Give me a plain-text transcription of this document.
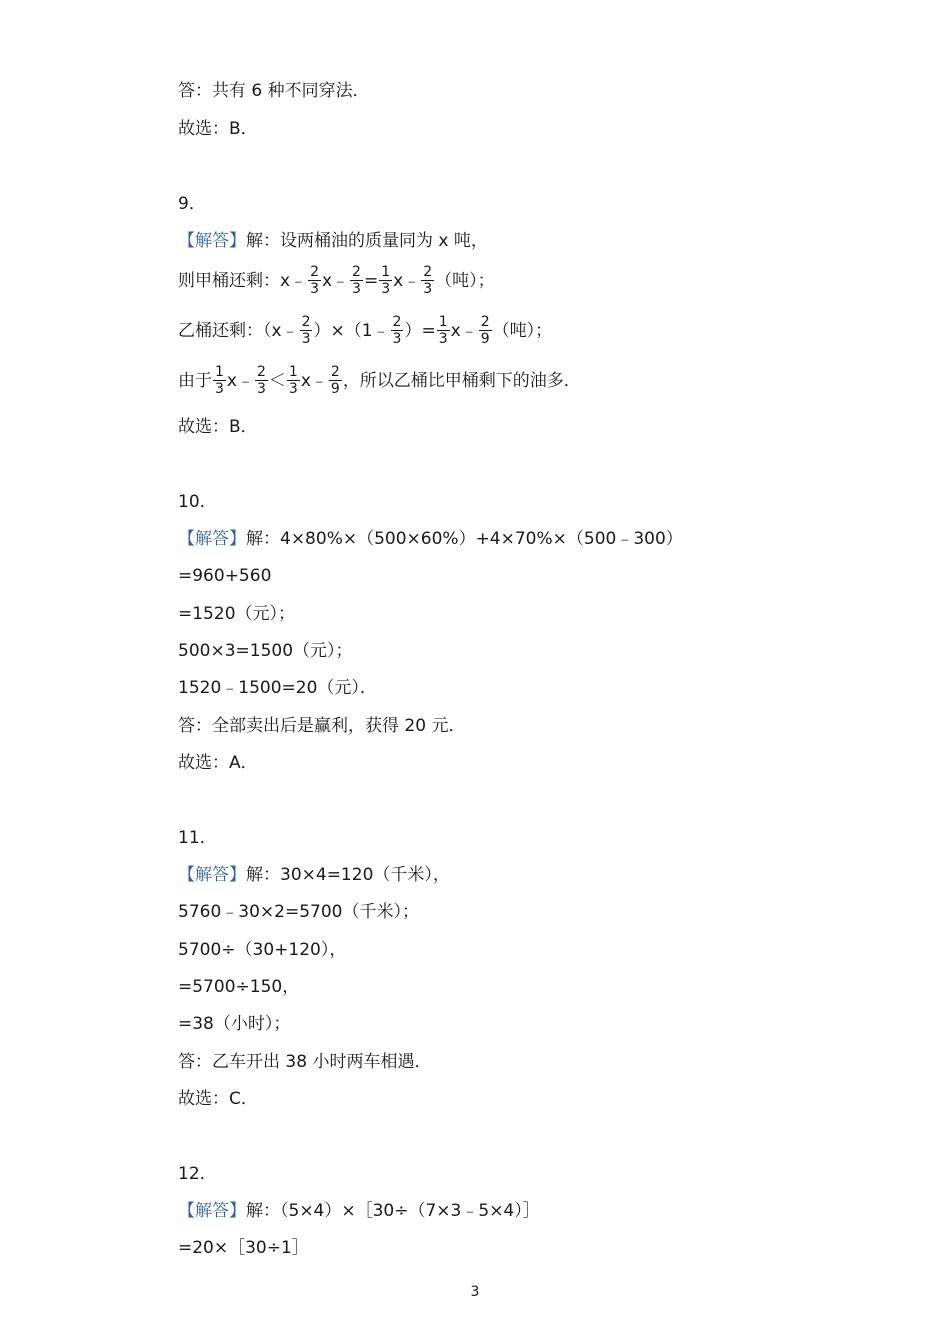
答：共有 6 种不同穿法．
故选：B．
9．
【解答】 解：设两桶油的质量同为 x 吨，
则甲桶还剩：x﹣ $\frac{2}{3}$ x﹣ $\frac{2}{3} = \frac{1}{3}$ x﹣ $\frac{2}{3}$ （吨）；
乙桶还剩：（x﹣ $\frac{2}{3}$ ）×（1﹣ $\frac{2}{3}$ ）= $\frac{1}{3}$ x﹣ $\frac{2}{9}$ （吨）；
由于 $\frac{1}{3}$ x﹣ $\frac{2}{3} < \frac{1}{3}$ x﹣ $\frac{2}{9}$ ，所以乙桶比甲桶剩下的油多．
故选：B．
10．
【解答】 解：4×80%×（500×60%）+4×70%×（500﹣300）
=960+560
=1520（元）；
500×3=1500（元）；
1520﹣1500=20（元）．
答：全部卖出后是赢利，获得 20 元．
故选：A．
11．
【解答】 解：30×4=120（千米），
5760﹣30×2=5700（千米）；
5700÷（30+120），
=5700÷150，
=38（小时）；
答：乙车开出 38 小时两车相遇．
故选：C．
12．
【解答】 解：（5×4）×［30÷（7×3﹣5×4）］
=20×［30÷1］
3
